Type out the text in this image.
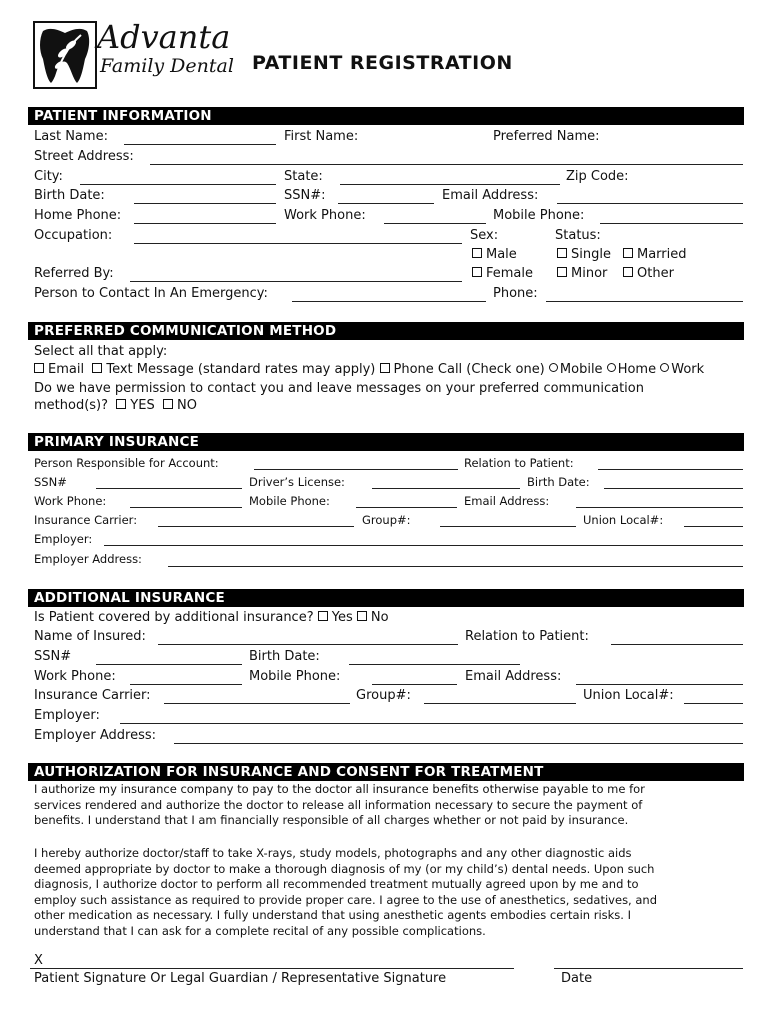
Advanta
Family Dental PATIENT REGISTRATION
PATIENT INFORMATION
Last Name:	First Name:	Preferred Name:
Street Address:
City:	State:	Zip Code:
Birth Date:	SSN#:	Email Address:
Home Phone:	Work Phone:	Mobile Phone:
Occupation:	Sex:	Status:
Male	Single	Married
Referred By:	Female	Minor	Other
Person to Contact In An Emergency:	Phone:
PREFERRED COMMUNICATION METHOD
Select all that apply:
Email Text Message (standard rates may apply) Phone Call (Check one) Mobile Home Work
Do we have permission to contact you and leave messages on your preferred communication
method(s)? YES NO
PRIMARY INSURANCE
Person Responsible for Account:	Relation to Patient:
SSN#	Driver’s License:	Birth Date:
Work Phone:	Mobile Phone:	Email Address:
Insurance Carrier:	Group#:	Union Local#:
Employer:
Employer Address:
ADDITIONAL INSURANCE
Is Patient covered by additional insurance? Yes No
Name of Insured:	Relation to Patient:
SSN#	Birth Date:
Work Phone:	Mobile Phone:	Email Address:
Insurance Carrier:	Group#:	Union Local#:
Employer:
Employer Address:
AUTHORIZATION FOR INSURANCE AND CONSENT FOR TREATMENT
I authorize my insurance company to pay to the doctor all insurance benefits otherwise payable to me for
services rendered and authorize the doctor to release all information necessary to secure the payment of
benefits. I understand that I am financially responsible of all charges whether or not paid by insurance.
I hereby authorize doctor/staff to take X-rays, study models, photographs and any other diagnostic aids
deemed appropriate by doctor to make a thorough diagnosis of my (or my child’s) dental needs. Upon such
diagnosis, I authorize doctor to perform all recommended treatment mutually agreed upon by me and to
employ such assistance as required to provide proper care. I agree to the use of anesthetics, sedatives, and
other medication as necessary. I fully understand that using anesthetic agents embodies certain risks. I
understand that I can ask for a complete recital of any possible complications.
X
Patient Signature Or Legal Guardian / Representative Signature	Date
